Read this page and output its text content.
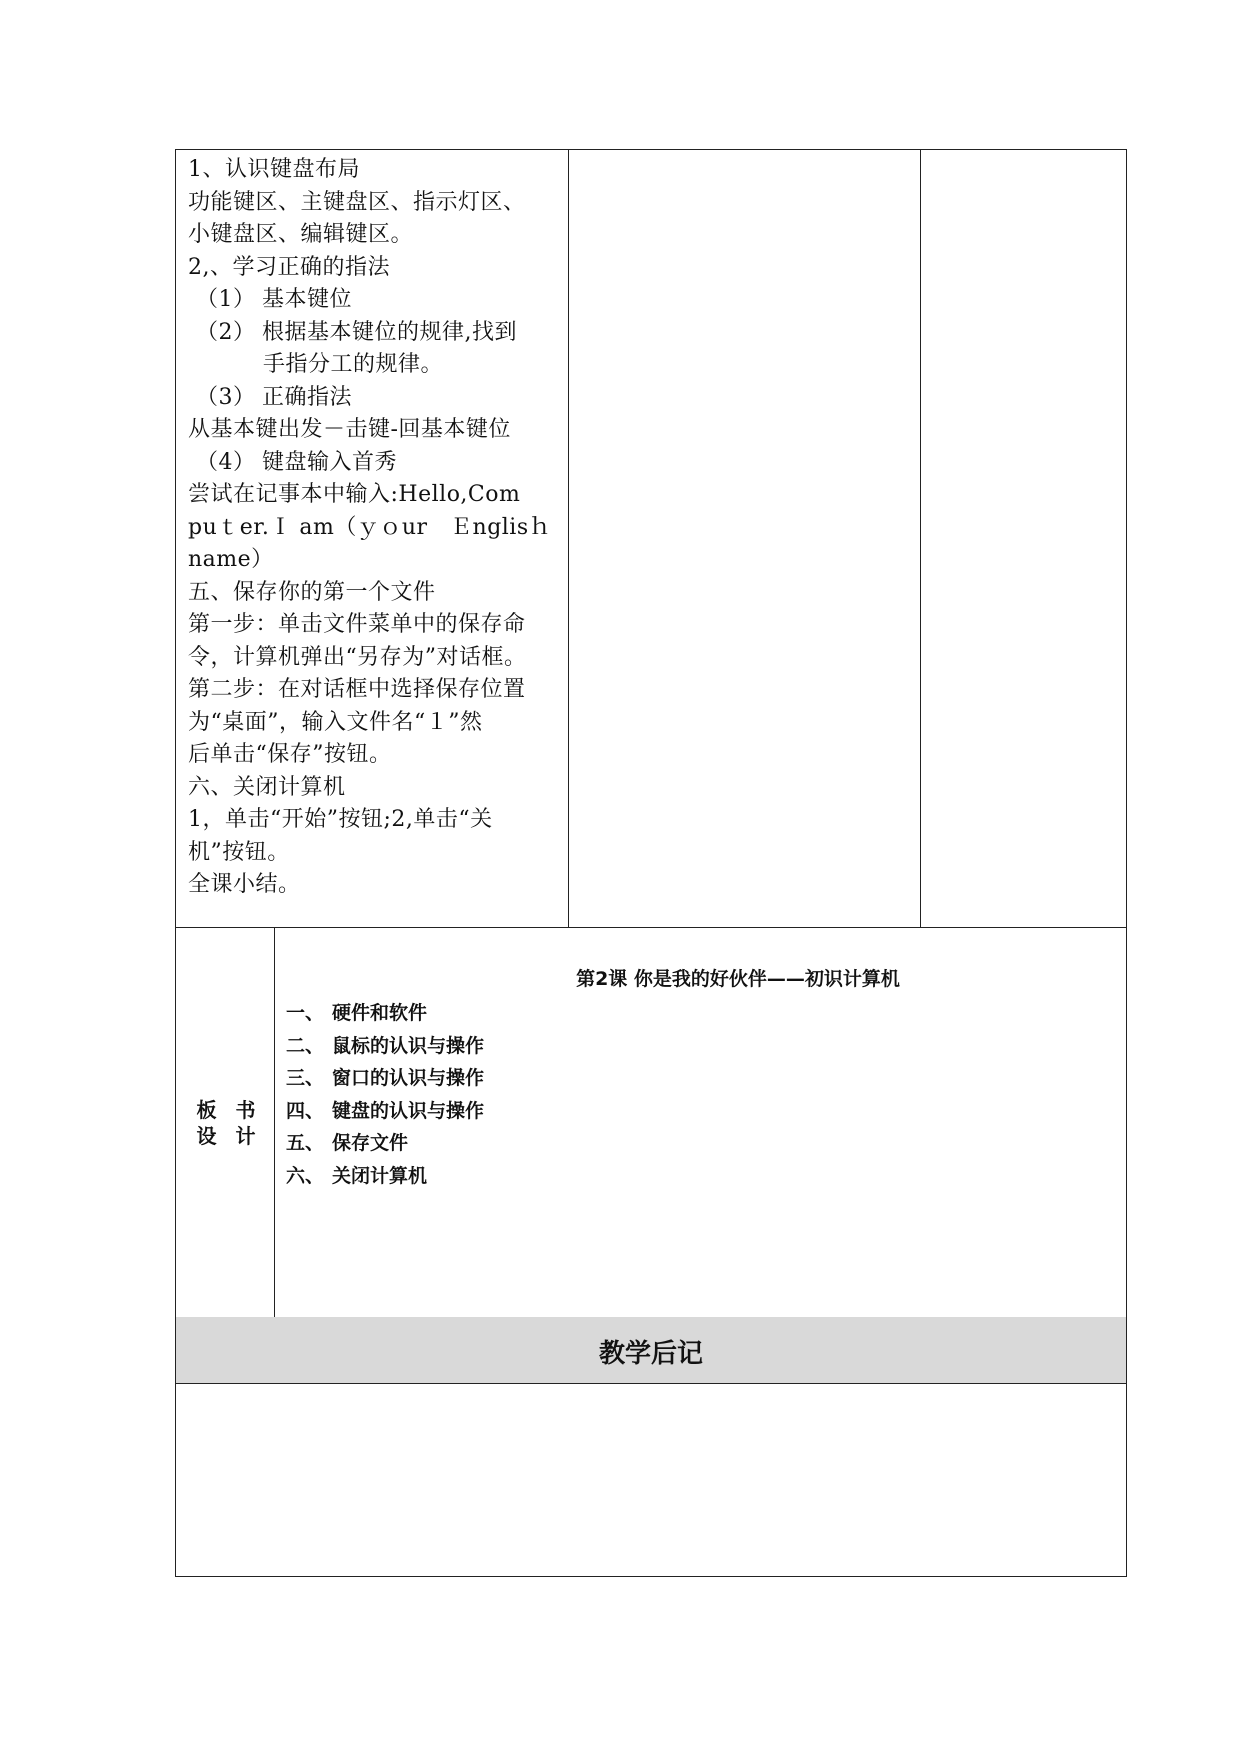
1、认识键盘布局
功能键区、主键盘区、指示灯区、
小键盘区、编辑键区。
2,、学习正确的指法
（1） 基本键位
（2） 根据基本键位的规律,找到
手指分工的规律。
（3） 正确指法
从基本键出发－击键-回基本键位
（4） 键盘输入首秀
尝试在记事本中输入:Hello,Com
puｔer.Ｉ am（ｙｏur　Ｅnglisｈ
name）
五、保存你的第一个文件
第一步：单击文件菜单中的保存命
令，计算机弹出“另存为”对话框。
第二步：在对话框中选择保存位置
为“桌面”，输入文件名“１”然
后单击“保存”按钮。
六、关闭计算机
1，单击“开始”按钮;2,单击“关
机”按钮。
全课小结。
板 书
设 计
第2课 你是我的好伙伴——初识计算机
一、 硬件和软件
二、 鼠标的认识与操作
三、 窗口的认识与操作
四、 键盘的认识与操作
五、 保存文件
六、 关闭计算机
教学后记
